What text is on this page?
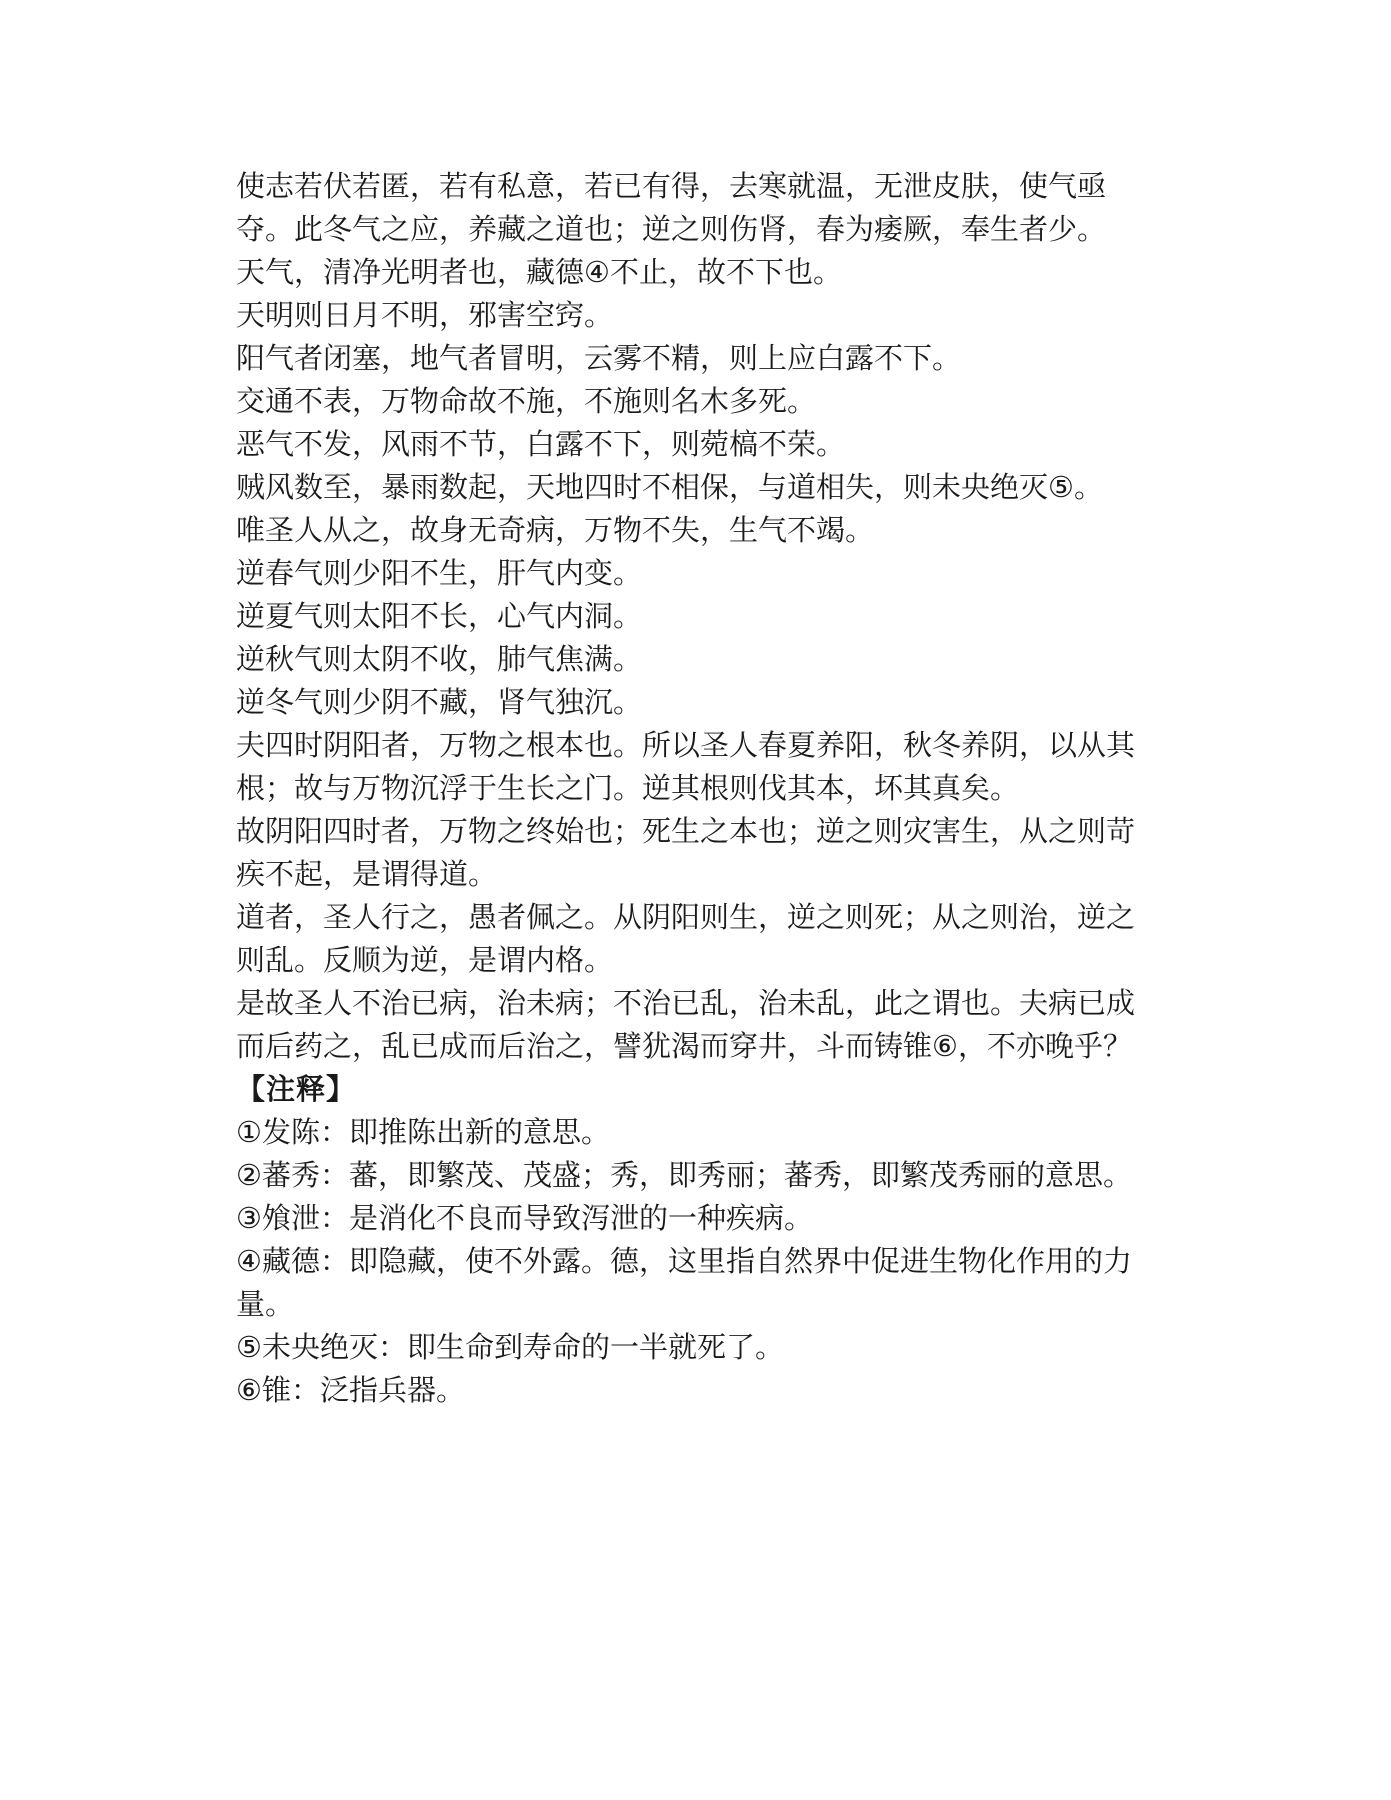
使志若伏若匿，若有私意，若已有得，去寒就温，无泄皮肤，使气亟夺。此冬气之应，养藏之道也；逆之则伤肾，春为痿厥，奉生者少。

天气，清净光明者也，藏德④不止，故不下也。

天明则日月不明，邪害空窍。

阳气者闭塞，地气者冒明，云雾不精，则上应白露不下。

交通不表，万物命故不施，不施则名木多死。

恶气不发，风雨不节，白露不下，则菀槁不荣。

贼风数至，暴雨数起，天地四时不相保，与道相失，则未央绝灭⑤。

唯圣人从之，故身无奇病，万物不失，生气不竭。

逆春气则少阳不生，肝气内变。

逆夏气则太阳不长，心气内洞。

逆秋气则太阴不收，肺气焦满。

逆冬气则少阴不藏，肾气独沉。

夫四时阴阳者，万物之根本也。所以圣人春夏养阳，秋冬养阴，以从其根；故与万物沉浮于生长之门。逆其根则伐其本，坏其真矣。

故阴阳四时者，万物之终始也；死生之本也；逆之则灾害生，从之则苛疾不起，是谓得道。

道者，圣人行之，愚者佩之。从阴阳则生，逆之则死；从之则治，逆之则乱。反顺为逆，是谓内格。

是故圣人不治已病，治未病；不治已乱，治未乱，此之谓也。夫病已成而后药之，乱已成而后治之，譬犹渴而穿井，斗而铸锥⑥，不亦晚乎？

【注释】

①发陈：即推陈出新的意思。

②蕃秀：蕃，即繁茂、茂盛；秀，即秀丽；蕃秀，即繁茂秀丽的意思。

③飧泄：是消化不良而导致泻泄的一种疾病。

④藏德：即隐藏，使不外露。德，这里指自然界中促进生物化作用的力量。

⑤未央绝灭：即生命到寿命的一半就死了。

⑥锥：泛指兵器。
